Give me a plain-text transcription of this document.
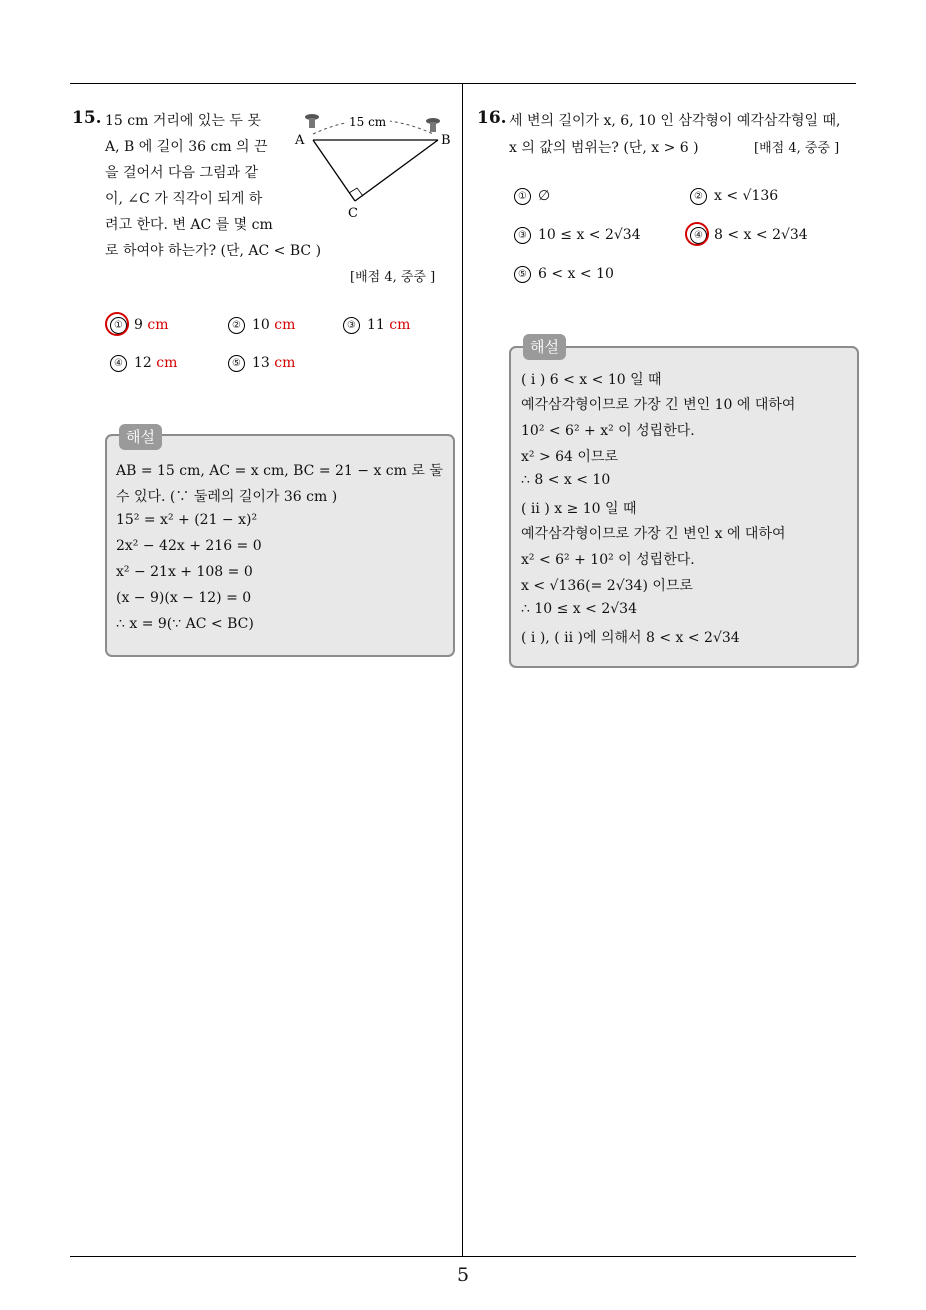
5
15. 15 cm 거리에 있는 두 못
A, B 에 길이 36 cm 의 끈
을 걸어서 다음 그림과 같
이, ∠C 가 직각이 되게 하
려고 한다. 변 AC 를 몇 cm
로 하여야 하는가? (단, AC < BC )
[배점 4, 중중 ]
15 cm
A	B
C
① 9 cm	② 10 cm	③ 11 cm
④ 12 cm	⑤ 13 cm
해설
AB = 15 cm, AC = x cm, BC = 21 − x cm 로 둘
수 있다. (∵ 둘레의 길이가 36 cm )
15² = x² + (21 − x)²
2x² − 42x + 216 = 0
x² − 21x + 108 = 0
(x − 9)(x − 12) = 0
∴ x = 9(∵ AC < BC)
16. 세 변의 길이가 x, 6, 10 인 삼각형이 예각삼각형일 때,
x 의 값의 범위는? (단, x > 6 )	[배점 4, 중중 ]
① ∅	② x < √136
③ 10 ≤ x < 2√34	④ 8 < x < 2√34
⑤ 6 < x < 10
해설
( i ) 6 < x < 10 일 때
예각삼각형이므로 가장 긴 변인 10 에 대하여
10² < 6² + x² 이 성립한다.
x² > 64 이므로
∴ 8 < x < 10
( ii ) x ≥ 10 일 때
예각삼각형이므로 가장 긴 변인 x 에 대하여
x² < 6² + 10² 이 성립한다.
x < √136(= 2√34) 이므로
∴ 10 ≤ x < 2√34
( i ), ( ii )에 의해서 8 < x < 2√34
